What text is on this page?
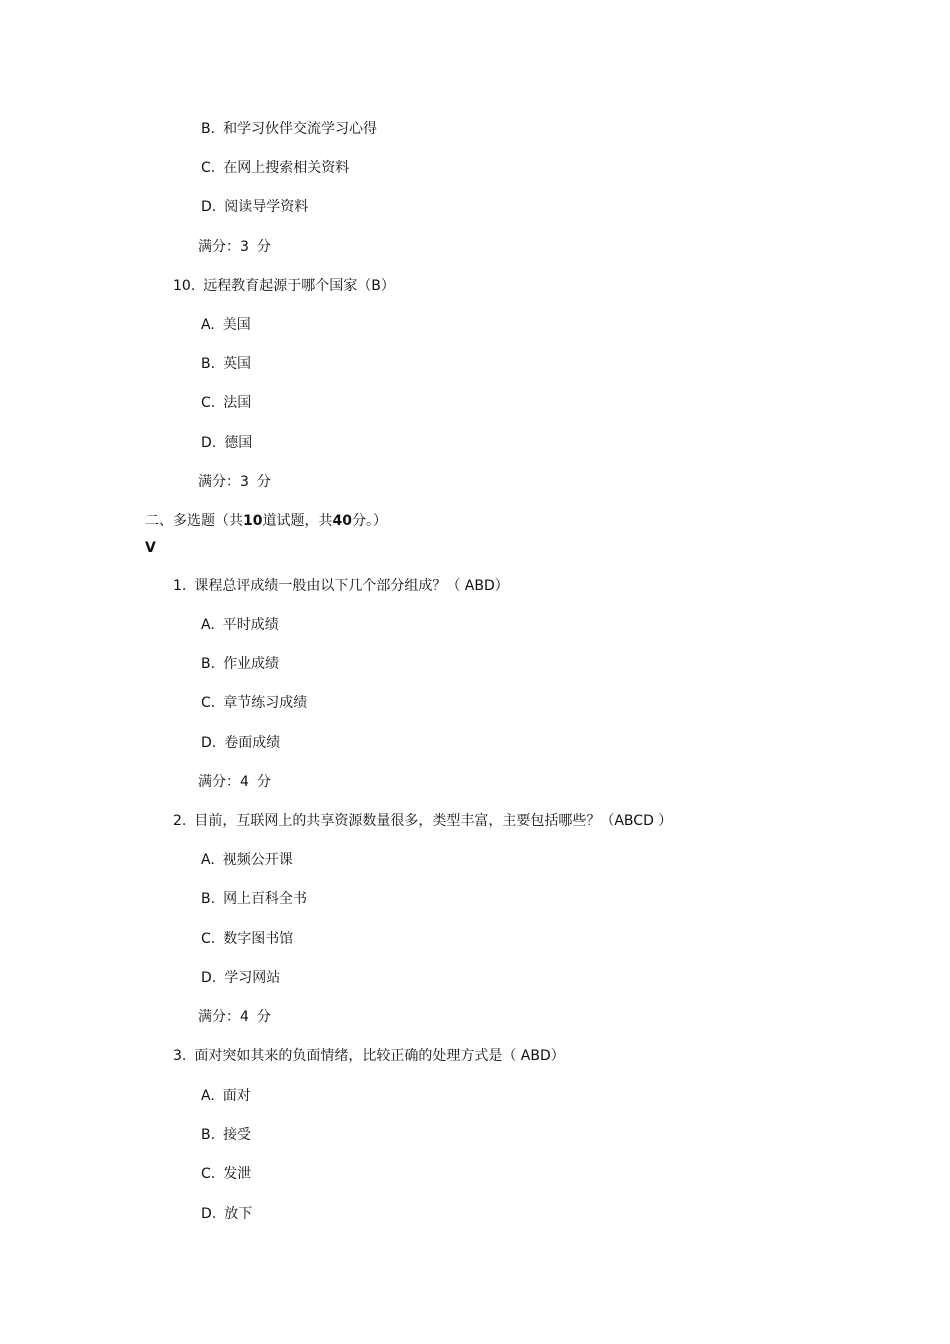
B. 和学习伙伴交流学习心得
C. 在网上搜索相关资料
D. 阅读导学资料
满分：3 分
10. 远程教育起源于哪个国家（B）
A. 美国
B. 英国
C. 法国
D. 德国
满分：3 分
二、多选题（共10道试题，共40分。）
V
1. 课程总评成绩一般由以下几个部分组成？（ ABD）
A. 平时成绩
B. 作业成绩
C. 章节练习成绩
D. 卷面成绩
满分：4 分
2. 目前，互联网上的共享资源数量很多，类型丰富，主要包括哪些？（ABCD ）
A. 视频公开课
B. 网上百科全书
C. 数字图书馆
D. 学习网站
满分：4 分
3. 面对突如其来的负面情绪，比较正确的处理方式是（ ABD）
A. 面对
B. 接受
C. 发泄
D. 放下
